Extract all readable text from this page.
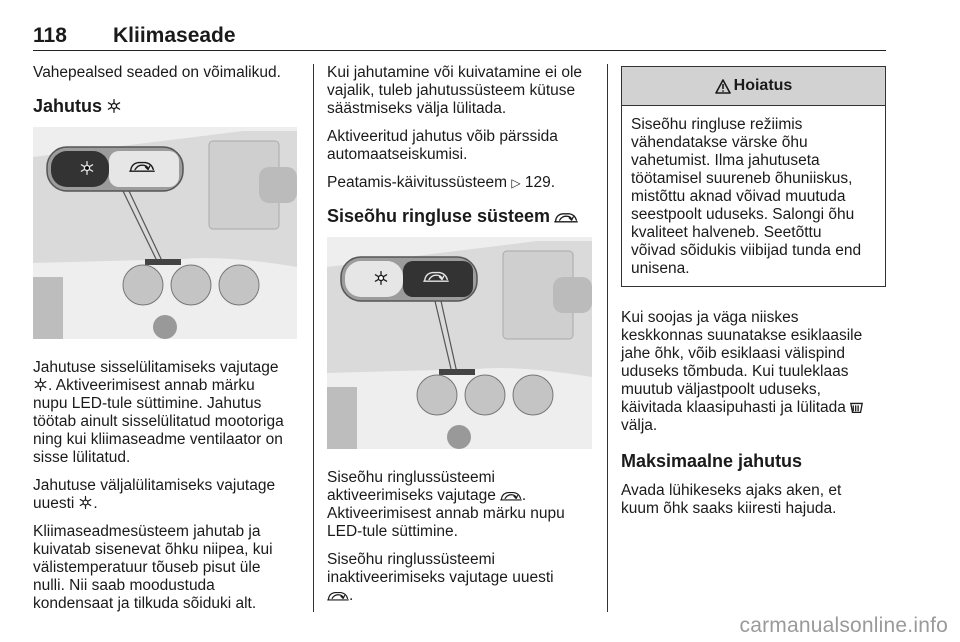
118 Kliimaseade

Vahepealsed seaded on võimalikud.

Jahutus

Jahutuse sisselülitamiseks vajutage
. Aktiveerimisest annab märku
nupu LED-tule süttimine. Jahutus
töötab ainult sisselülitatud mootoriga
ning kui kliimaseadme ventilaator on
sisse lülitatud.

Jahutuse väljalülitamiseks vajutage
uuesti .

Kliimaseadmesüsteem jahutab ja
kuivatab sisenevat õhku niipea, kui
välistemperatuur tõuseb pisut üle
nulli. Nii saab moodustuda
kondensaat ja tilkuda sõiduki alt.

Kui jahutamine või kuivatamine ei ole
vajalik, tuleb jahutussüsteem kütuse
säästmiseks välja lülitada.

Aktiveeritud jahutus võib pärssida
automaatseiskumisi.

Peatamis-käivitussüsteem ▷ 129.

Siseõhu ringluse süsteem

Siseõhu ringlussüsteemi
aktiveerimiseks vajutage .
Aktiveerimisest annab märku nupu
LED-tule süttimine.

Siseõhu ringlussüsteemi
inaktiveerimiseks vajutage uuesti
.

Hoiatus
Siseõhu ringluse režiimis
vähendatakse värske õhu
vahetumist. Ilma jahutuseta
töötamisel suureneb õhuniiskus,
mistõttu aknad võivad muutuda
seestpoolt uduseks. Salongi õhu
kvaliteet halveneb. Seetõttu
võivad sõidukis viibijad tunda end
unisena.

Kui soojas ja väga niiskes
keskkonnas suunatakse esiklaasile
jahe õhk, võib esiklaasi välispind
uduseks tõmbuda. Kui tuuleklaas
muutub väljastpoolt uduseks,
käivitada klaasipuhasti ja lülitada
välja.

Maksimaalne jahutus

Avada lühikeseks ajaks aken, et
kuum õhk saaks kiiresti hajuda.

carmanualsonline.info
